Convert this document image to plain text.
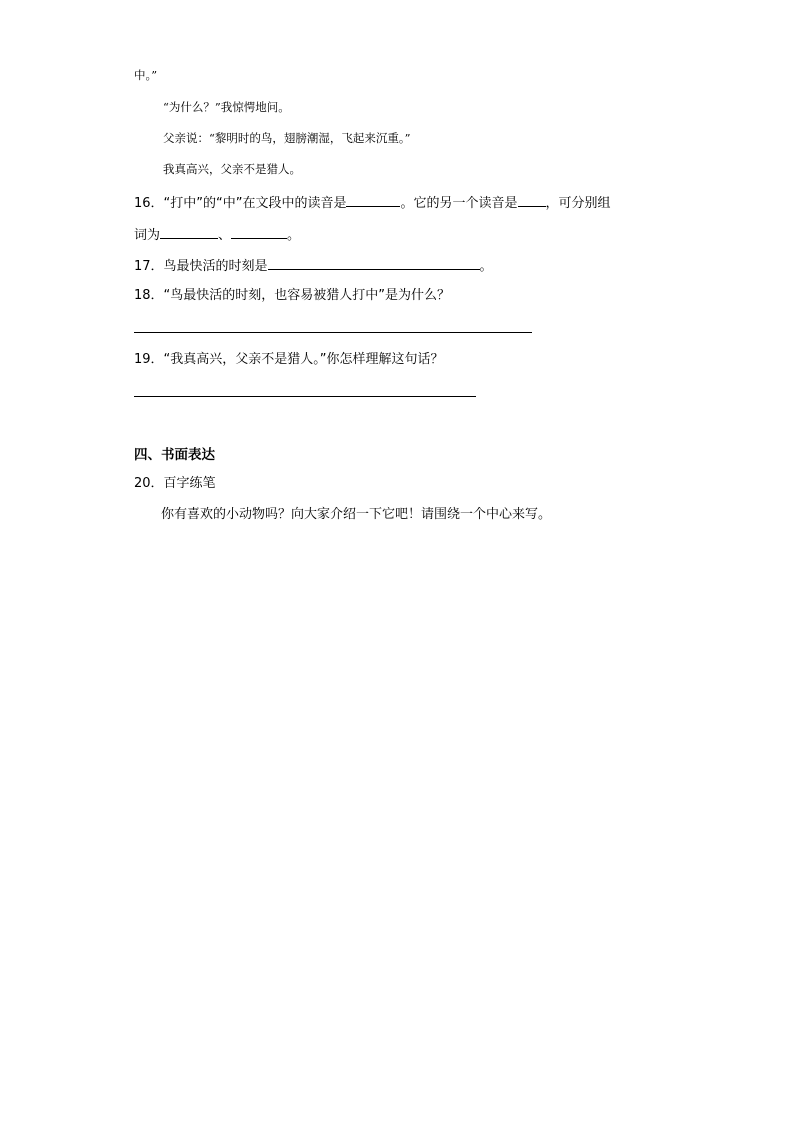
中。”
“为什么？”我惊愕地问。
父亲说：“黎明时的鸟，翅膀潮湿，飞起来沉重。”
我真高兴，父亲不是猎人。
16．“打中”的“中”在文段中的读音是	。它的另一个读音是 ，可分别组
词为	、	。
17．鸟最快活的时刻是	。
18．“鸟最快活的时刻，也容易被猎人打中”是为什么？
19．“我真高兴，父亲不是猎人。”你怎样理解这句话？
四、书面表达
20．百字练笔
你有喜欢的小动物吗？向大家介绍一下它吧！请围绕一个中心来写。
